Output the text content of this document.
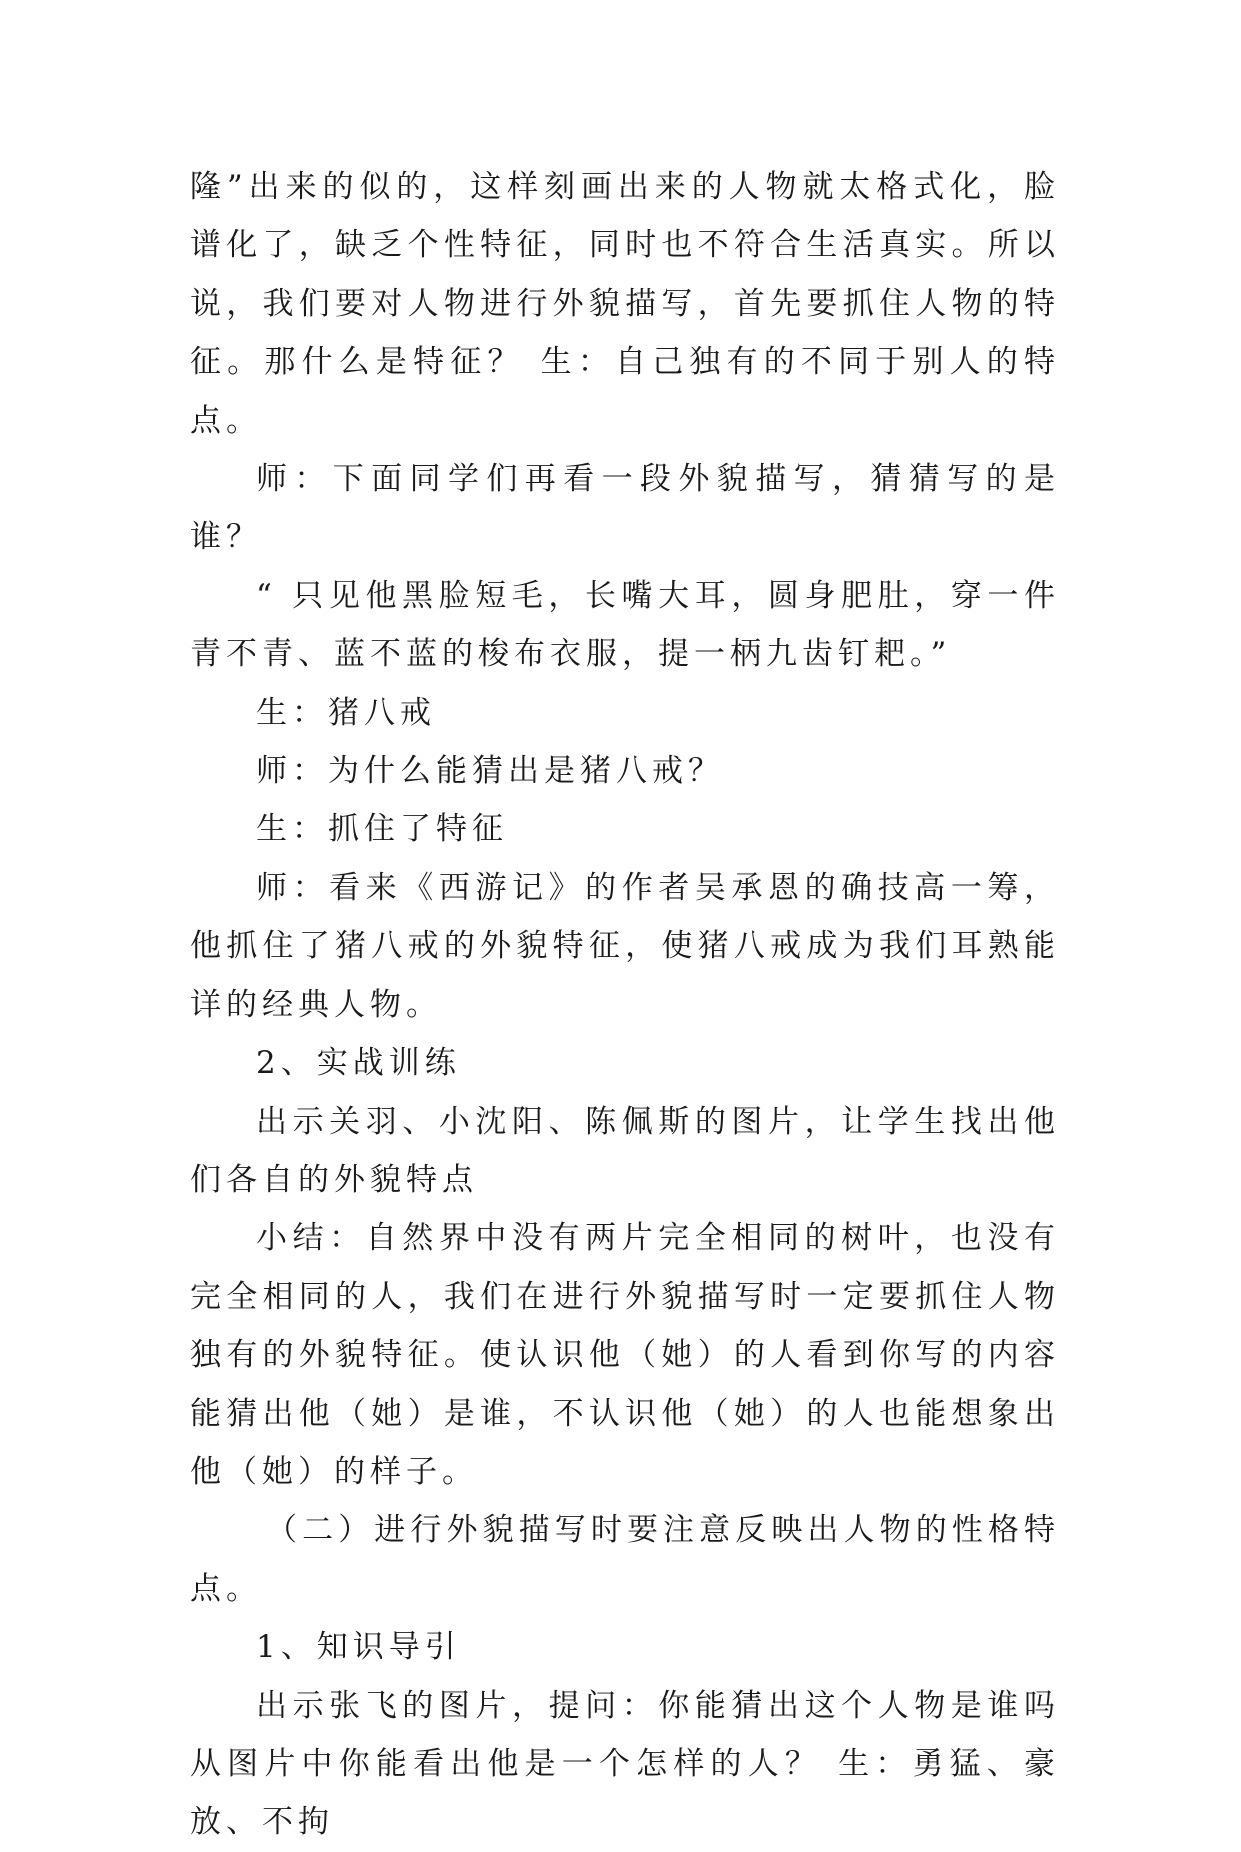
隆”出来的似的，这样刻画出来的人物就太格式化，脸谱化了，缺乏个性特征，同时也不符合生活真实。所以说，我们要对人物进行外貌描写，首先要抓住人物的特征。那什么是特征？ 生：自己独有的不同于别人的特点。

师：下面同学们再看一段外貌描写，猜猜写的是谁？

“ 只见他黑脸短毛，长嘴大耳，圆身肥肚，穿一件青不青、蓝不蓝的梭布衣服，提一柄九齿钉耙。”

生：猪八戒

师：为什么能猜出是猪八戒？

生：抓住了特征

师：看来《西游记》的作者吴承恩的确技高一筹，他抓住了猪八戒的外貌特征，使猪八戒成为我们耳熟能详的经典人物。

2、实战训练

出示关羽、小沈阳、陈佩斯的图片，让学生找出他们各自的外貌特点

小结：自然界中没有两片完全相同的树叶，也没有完全相同的人，我们在进行外貌描写时一定要抓住人物独有的外貌特征。使认识他（她）的人看到你写的内容能猜出他（她）是谁，不认识他（她）的人也能想象出他（她）的样子。

（二）进行外貌描写时要注意反映出人物的性格特点。

1、知识导引

出示张飞的图片，提问：你能猜出这个人物是谁吗从图片中你能看出他是一个怎样的人？ 生：勇猛、豪放、不拘
